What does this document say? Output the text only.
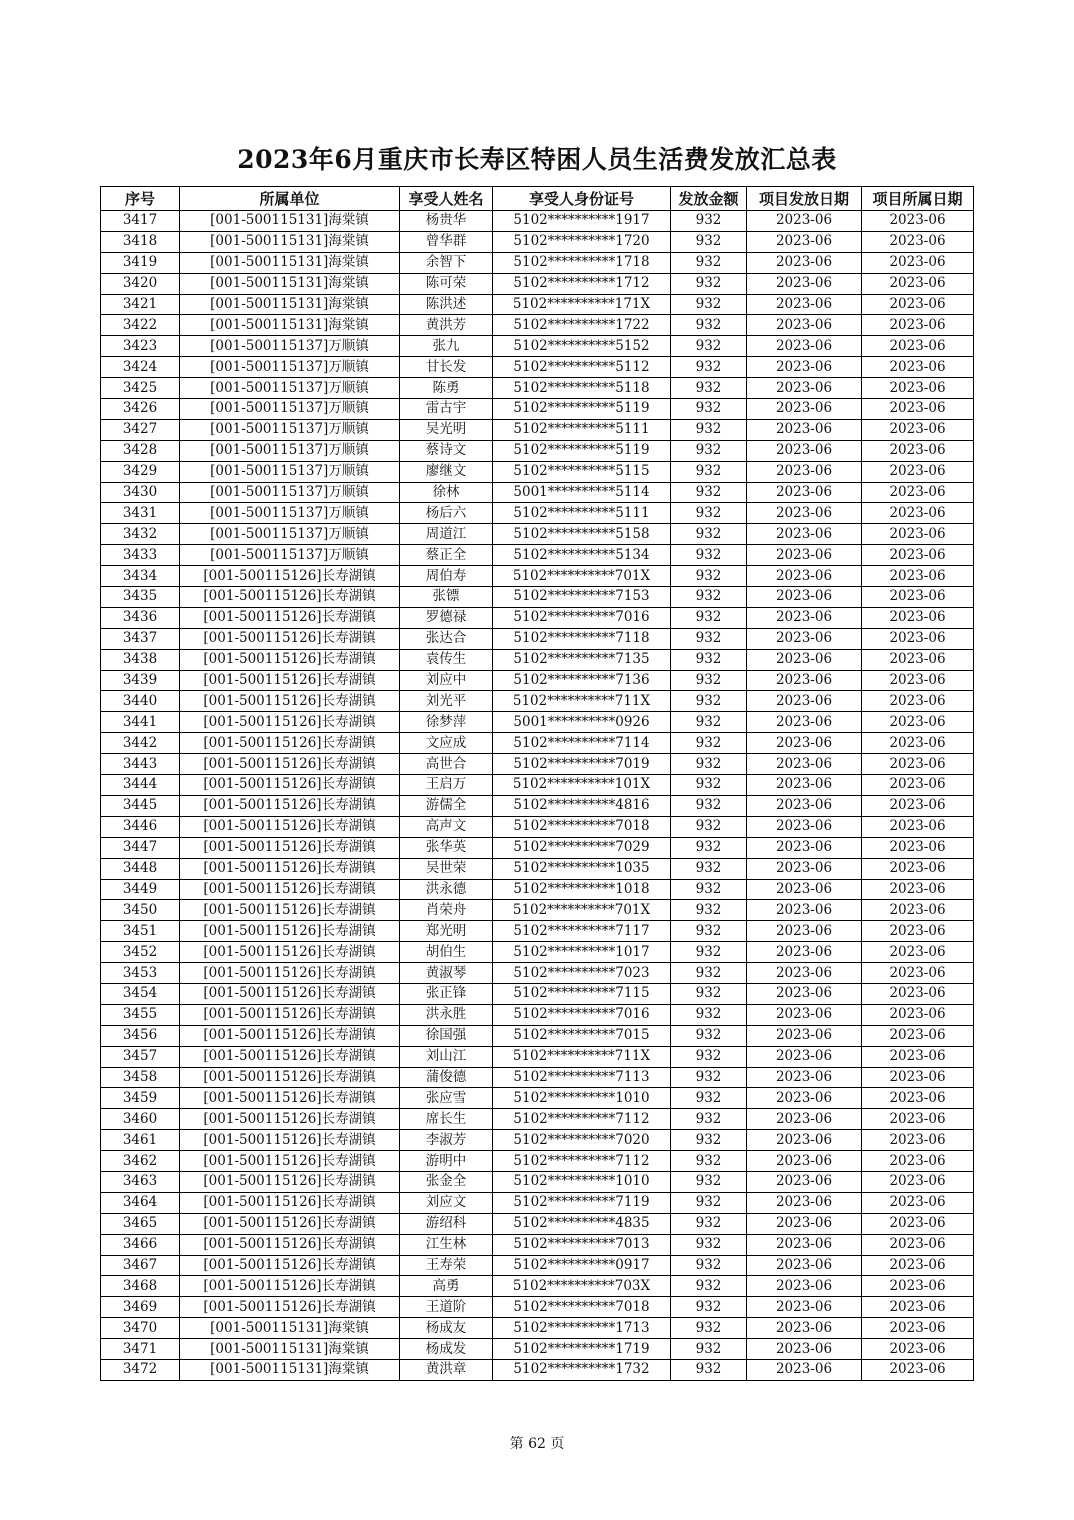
2023年6月重庆市长寿区特困人员生活费发放汇总表
序号	所属单位	享受人姓名	享受人身份证号	发放金额	项目发放日期	项目所属日期
3417	[001-500115131]海棠镇	杨贵华	5102**********1917	932	2023-06	2023-06
3418	[001-500115131]海棠镇	曾华群	5102**********1720	932	2023-06	2023-06
3419	[001-500115131]海棠镇	余智下	5102**********1718	932	2023-06	2023-06
3420	[001-500115131]海棠镇	陈可荣	5102**********1712	932	2023-06	2023-06
3421	[001-500115131]海棠镇	陈洪述	5102**********171X	932	2023-06	2023-06
3422	[001-500115131]海棠镇	黄洪芳	5102**********1722	932	2023-06	2023-06
3423	[001-500115137]万顺镇	张九	5102**********5152	932	2023-06	2023-06
3424	[001-500115137]万顺镇	甘长发	5102**********5112	932	2023-06	2023-06
3425	[001-500115137]万顺镇	陈勇	5102**********5118	932	2023-06	2023-06
3426	[001-500115137]万顺镇	雷古宇	5102**********5119	932	2023-06	2023-06
3427	[001-500115137]万顺镇	吴光明	5102**********5111	932	2023-06	2023-06
3428	[001-500115137]万顺镇	蔡诗文	5102**********5119	932	2023-06	2023-06
3429	[001-500115137]万顺镇	廖继文	5102**********5115	932	2023-06	2023-06
3430	[001-500115137]万顺镇	徐林	5001**********5114	932	2023-06	2023-06
3431	[001-500115137]万顺镇	杨后六	5102**********5111	932	2023-06	2023-06
3432	[001-500115137]万顺镇	周道江	5102**********5158	932	2023-06	2023-06
3433	[001-500115137]万顺镇	蔡正全	5102**********5134	932	2023-06	2023-06
3434	[001-500115126]长寿湖镇	周伯寿	5102**********701X	932	2023-06	2023-06
3435	[001-500115126]长寿湖镇	张镖	5102**********7153	932	2023-06	2023-06
3436	[001-500115126]长寿湖镇	罗德禄	5102**********7016	932	2023-06	2023-06
3437	[001-500115126]长寿湖镇	张达合	5102**********7118	932	2023-06	2023-06
3438	[001-500115126]长寿湖镇	袁传生	5102**********7135	932	2023-06	2023-06
3439	[001-500115126]长寿湖镇	刘应中	5102**********7136	932	2023-06	2023-06
3440	[001-500115126]长寿湖镇	刘光平	5102**********711X	932	2023-06	2023-06
3441	[001-500115126]长寿湖镇	徐梦萍	5001**********0926	932	2023-06	2023-06
3442	[001-500115126]长寿湖镇	文应成	5102**********7114	932	2023-06	2023-06
3443	[001-500115126]长寿湖镇	高世合	5102**********7019	932	2023-06	2023-06
3444	[001-500115126]长寿湖镇	王启万	5102**********101X	932	2023-06	2023-06
3445	[001-500115126]长寿湖镇	游儒全	5102**********4816	932	2023-06	2023-06
3446	[001-500115126]长寿湖镇	高声文	5102**********7018	932	2023-06	2023-06
3447	[001-500115126]长寿湖镇	张华英	5102**********7029	932	2023-06	2023-06
3448	[001-500115126]长寿湖镇	吴世荣	5102**********1035	932	2023-06	2023-06
3449	[001-500115126]长寿湖镇	洪永德	5102**********1018	932	2023-06	2023-06
3450	[001-500115126]长寿湖镇	肖荣舟	5102**********701X	932	2023-06	2023-06
3451	[001-500115126]长寿湖镇	郑光明	5102**********7117	932	2023-06	2023-06
3452	[001-500115126]长寿湖镇	胡伯生	5102**********1017	932	2023-06	2023-06
3453	[001-500115126]长寿湖镇	黄淑琴	5102**********7023	932	2023-06	2023-06
3454	[001-500115126]长寿湖镇	张正锋	5102**********7115	932	2023-06	2023-06
3455	[001-500115126]长寿湖镇	洪永胜	5102**********7016	932	2023-06	2023-06
3456	[001-500115126]长寿湖镇	徐国强	5102**********7015	932	2023-06	2023-06
3457	[001-500115126]长寿湖镇	刘山江	5102**********711X	932	2023-06	2023-06
3458	[001-500115126]长寿湖镇	蒲俊德	5102**********7113	932	2023-06	2023-06
3459	[001-500115126]长寿湖镇	张应雪	5102**********1010	932	2023-06	2023-06
3460	[001-500115126]长寿湖镇	席长生	5102**********7112	932	2023-06	2023-06
3461	[001-500115126]长寿湖镇	李淑芳	5102**********7020	932	2023-06	2023-06
3462	[001-500115126]长寿湖镇	游明中	5102**********7112	932	2023-06	2023-06
3463	[001-500115126]长寿湖镇	张金全	5102**********1010	932	2023-06	2023-06
3464	[001-500115126]长寿湖镇	刘应文	5102**********7119	932	2023-06	2023-06
3465	[001-500115126]长寿湖镇	游绍科	5102**********4835	932	2023-06	2023-06
3466	[001-500115126]长寿湖镇	江生林	5102**********7013	932	2023-06	2023-06
3467	[001-500115126]长寿湖镇	王寿荣	5102**********0917	932	2023-06	2023-06
3468	[001-500115126]长寿湖镇	高勇	5102**********703X	932	2023-06	2023-06
3469	[001-500115126]长寿湖镇	王道阶	5102**********7018	932	2023-06	2023-06
3470	[001-500115131]海棠镇	杨成友	5102**********1713	932	2023-06	2023-06
3471	[001-500115131]海棠镇	杨成发	5102**********1719	932	2023-06	2023-06
3472	[001-500115131]海棠镇	黄洪章	5102**********1732	932	2023-06	2023-06
第 62 页
